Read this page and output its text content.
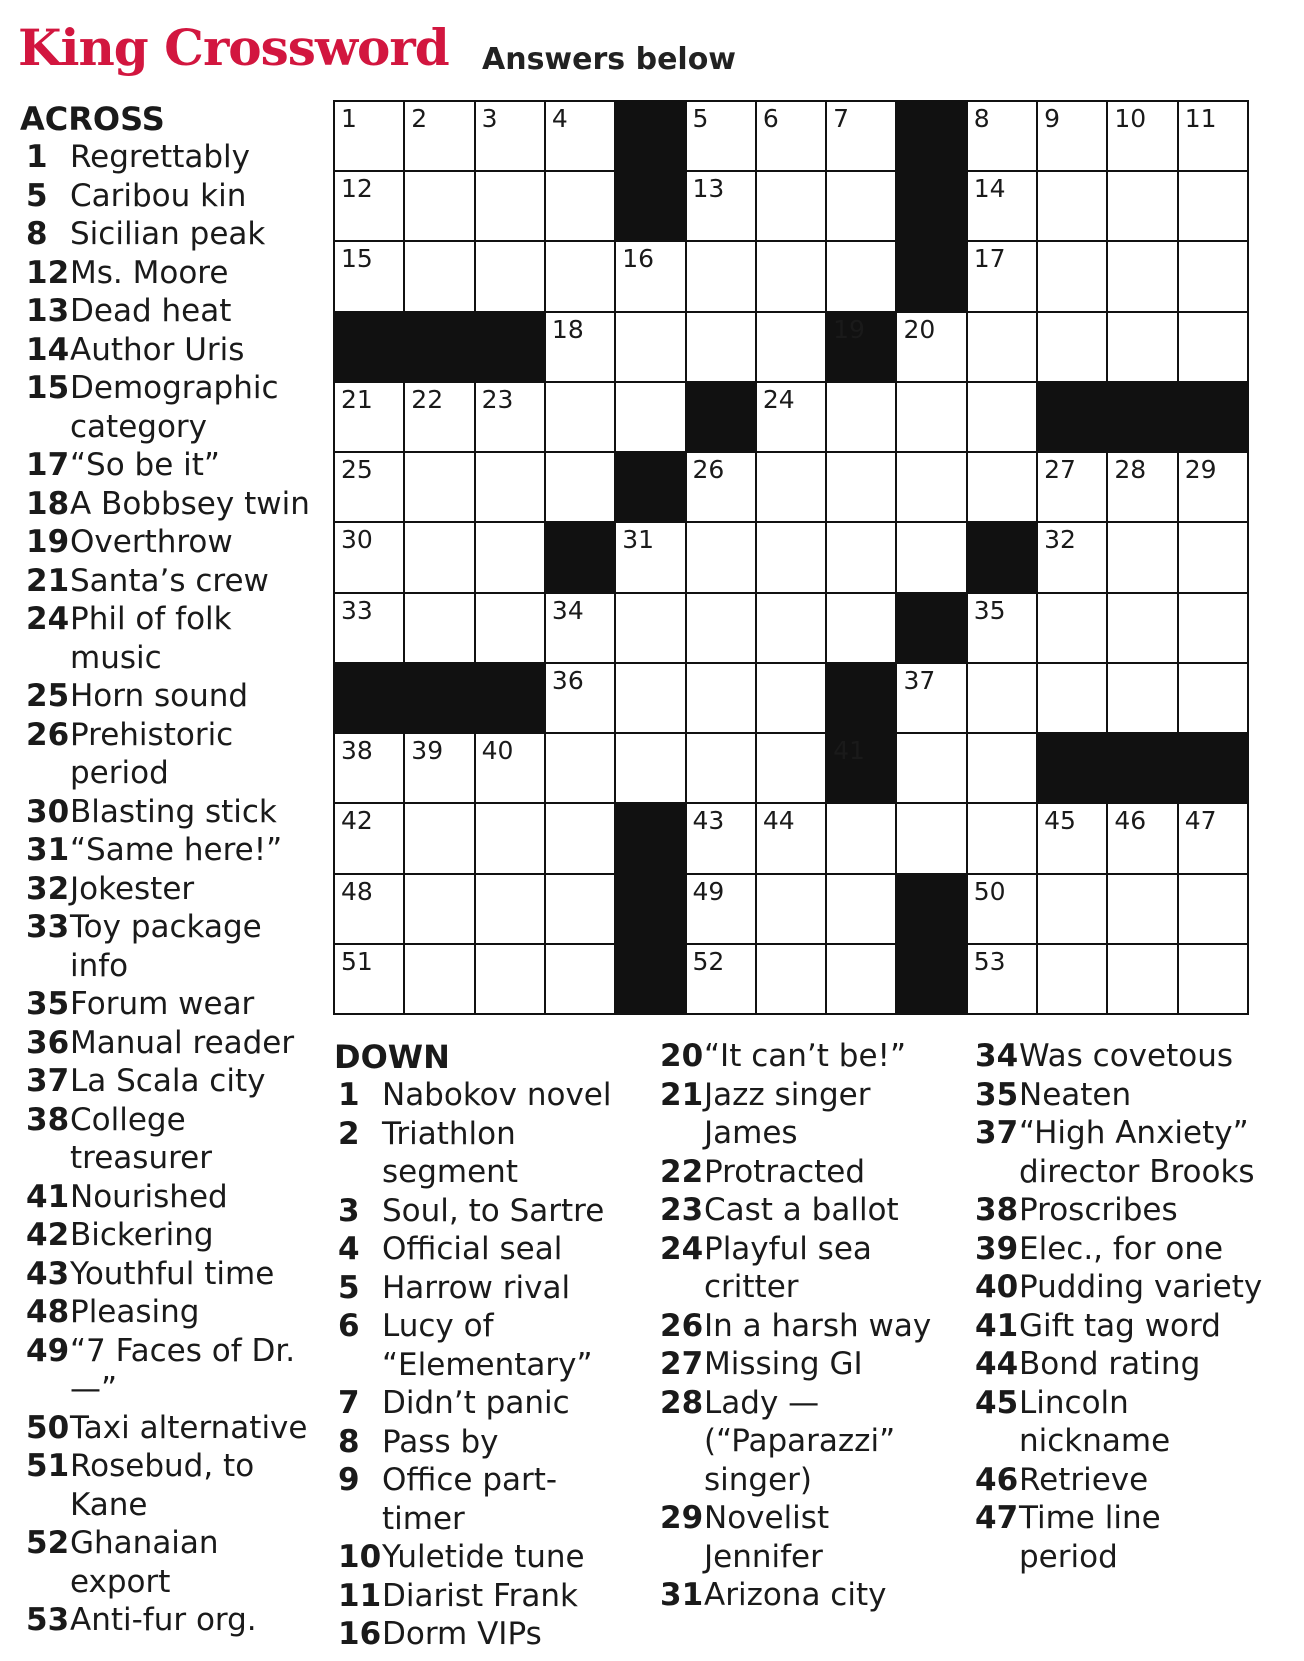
King Crossword Answers below
ACROSS
1 Regrettably
5 Caribou kin
8 Sicilian peak
12 Ms. Moore
13 Dead heat
14 Author Uris
15 Demographic category
17 “So be it”
18 A Bobbsey twin
19 Overthrow
21 Santa’s crew
24 Phil of folk music
25 Horn sound
26 Prehistoric period
30 Blasting stick
31 “Same here!”
32 Jokester
33 Toy package info
35 Forum wear
36 Manual reader
37 La Scala city
38 College treasurer
41 Nourished
42 Bickering
43 Youthful time
48 Pleasing
49 “7 Faces of Dr. —”
50 Taxi alternative
51 Rosebud, to Kane
52 Ghanaian export
53 Anti-fur org.
1 2 3 4	5 6 7	8 9 10 11
12	13	14
15	16	17
18	19 20
21 22 23	24
25	26	27 28 29
30	31	32
33	34	35
36	37
38 39 40	41
42	43 44	45 46 47
48	49	50
51	52	53
DOWN
1 Nabokov novel
2 Triathlon segment
3 Soul, to Sartre
4 Official seal
5 Harrow rival
6 Lucy of “Elementary”
7 Didn’t panic
8 Pass by
9 Office part-timer
10 Yuletide tune
11 Diarist Frank
16 Dorm VIPs
20 “It can’t be!”
21 Jazz singer James
22 Protracted
23 Cast a ballot
24 Playful sea critter
26 In a harsh way
27 Missing GI
28 Lady — (“Paparazzi” singer)
29 Novelist Jennifer
31 Arizona city
34 Was covetous
35 Neaten
37 “High Anxiety” director Brooks
38 Proscribes
39 Elec., for one
40 Pudding variety
41 Gift tag word
44 Bond rating
45 Lincoln nickname
46 Retrieve
47 Time line period
